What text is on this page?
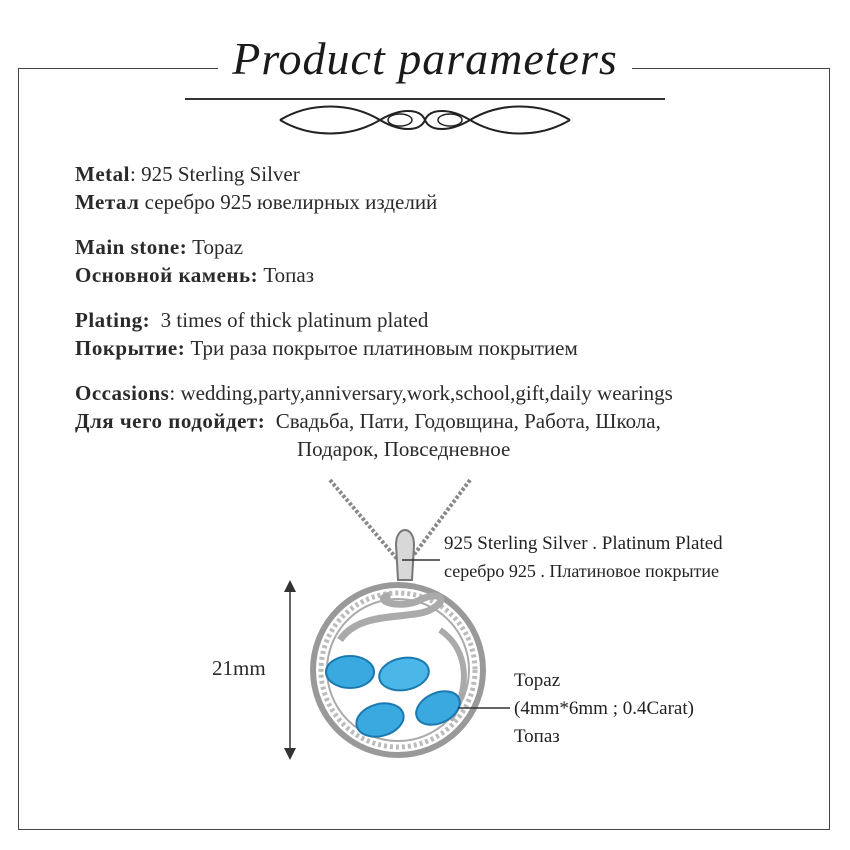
Product parameters
Metal: 925 Sterling Silver
Метал серебро 925 ювелирных изделий
Main stone: Topaz
Основной камень: Топаз
Plating: 3 times of thick platinum plated
Покрытие: Три раза покрытое платиновым покрытием
Occasions: wedding,party,anniversary,work,school,gift,daily wearings
Для чего подойдет: Свадьба, Пати, Годовщина, Работа, Школа,
Подарок, Повседневное
925 Sterling Silver . Platinum Plated
серебро 925 . Платиновое покрытие
Topaz
(4mm*6mm ; 0.4Carat)
Топаз
21mm
